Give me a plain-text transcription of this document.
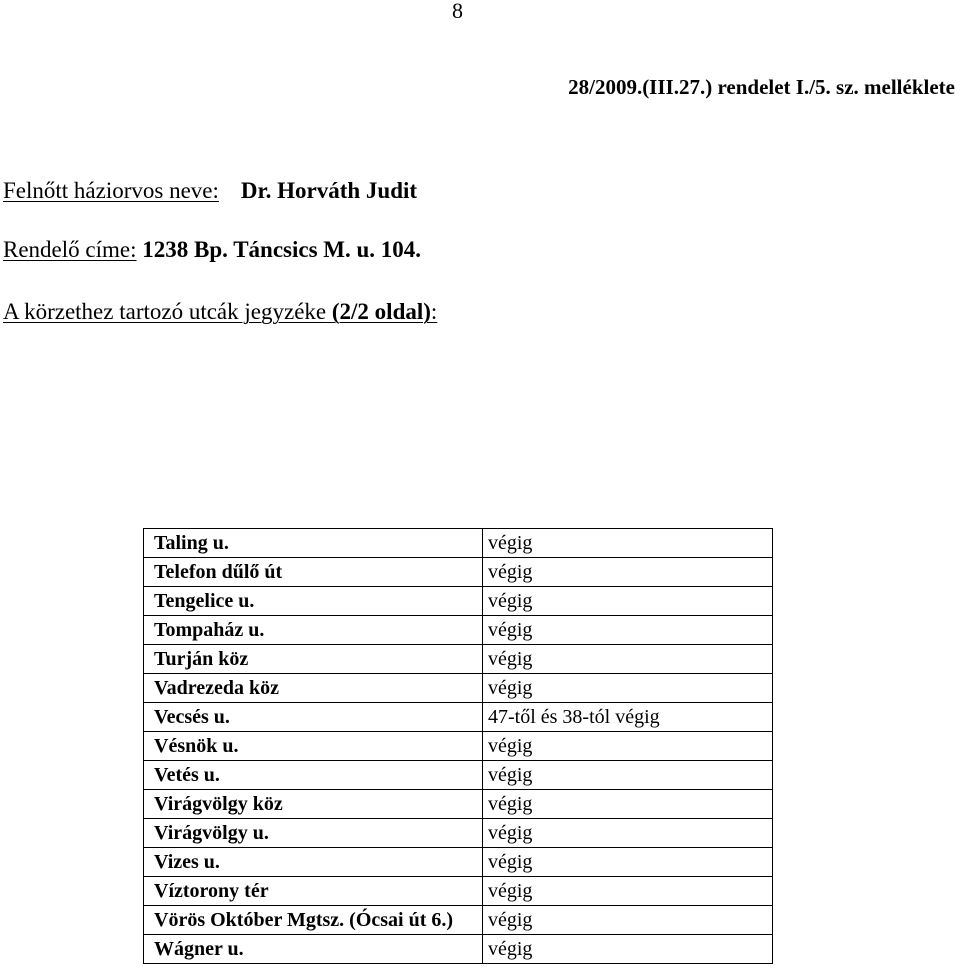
8
28/2009.(III.27.) rendelet I./5. sz. melléklete
Felnőtt háziorvos neve: Dr. Horváth Judit
Rendelő címe: 1238 Bp. Táncsics M. u. 104.
A körzethez tartozó utcák jegyzéke (2/2 oldal):
Taling u.	végig
Telefon dűlő út	végig
Tengelice u.	végig
Tompaház u.	végig
Turján köz	végig
Vadrezeda köz	végig
Vecsés u.	47-től és 38-tól végig
Vésnök u.	végig
Vetés u.	végig
Virágvölgy köz	végig
Virágvölgy u.	végig
Vizes u.	végig
Víztorony tér	végig
Vörös Október Mgtsz. (Ócsai út 6.)	végig
Wágner u.	végig
